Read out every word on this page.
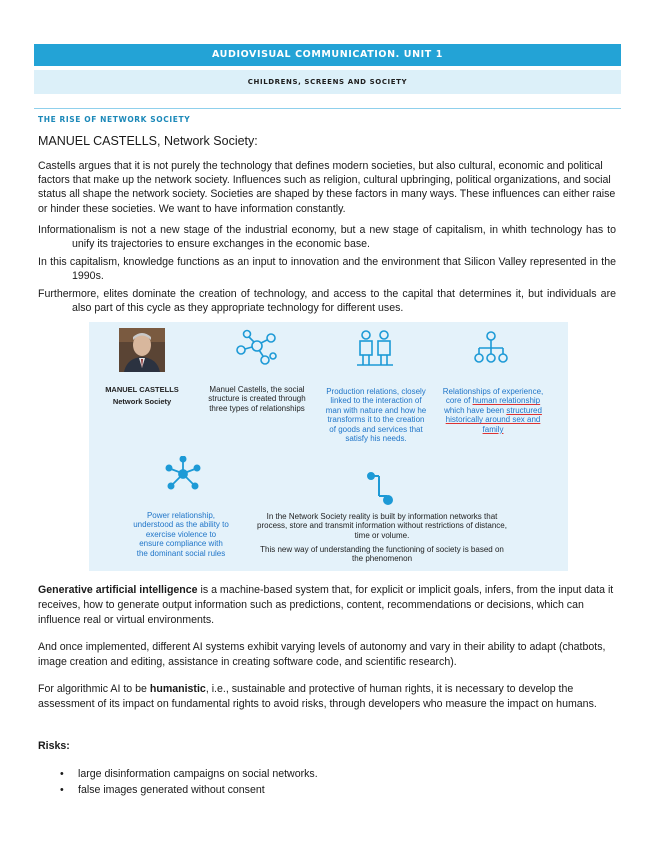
AUDIOVISUAL COMMUNICATION. UNIT 1
CHILDRENS, SCREENS AND SOCIETY
THE RISE OF NETWORK SOCIETY
MANUEL CASTELLS, Network Society:

Castells argues that it is not purely the technology that defines modern societies, but also cultural, economic and political factors that make up the network society. Influences such as religion, cultural upbringing, political organizations, and social status all shape the network society. Societies are shaped by these factors in many ways. These influences can either raise or hinder these societies. We want to have information constantly.

Informationalism is not a new stage of the industrial economy, but a new stage of capitalism, in whith technology has to unify its trajectories to ensure exchanges in the economic base.

In this capitalism, knowledge functions as an input to innovation and the environment that Silicon Valley represented in the 1990s.

Furthermore, elites dominate the creation of technology, and access to the capital that determines it, but individuals are also part of this cycle as they appropriate technology for different uses.

MANUEL CASTELLS
Network Society
Manuel Castells, the social structure is created through three types of relationships
Production relations, closely linked to the interaction of man with nature and how he transforms it to the creation of goods and services that satisfy his needs.
Relationships of experience, core of human relationship which have been structured historically around sex and family
Power relationship, understood as the ability to exercise violence to ensure compliance with the dominant social rules
In the Network Society reality is built by information networks that process, store and transmit information without restrictions of distance, time or volume.
This new way of understanding the functioning of society is based on the phenomenon

Generative artificial intelligence is a machine-based system that, for explicit or implicit goals, infers, from the input data it receives, how to generate output information such as predictions, content, recommendations or decisions, which can influence real or virtual environments.

And once implemented, different AI systems exhibit varying levels of autonomy and vary in their ability to adapt (chatbots, image creation and editing, assistance in creating software code, and scientific research).

For algorithmic AI to be humanistic, i.e., sustainable and protective of human rights, it is necessary to develop the assessment of its impact on fundamental rights to avoid risks, through developers who measure the impact on humans.

Risks:
• large disinformation campaigns on social networks.
• false images generated without consent
